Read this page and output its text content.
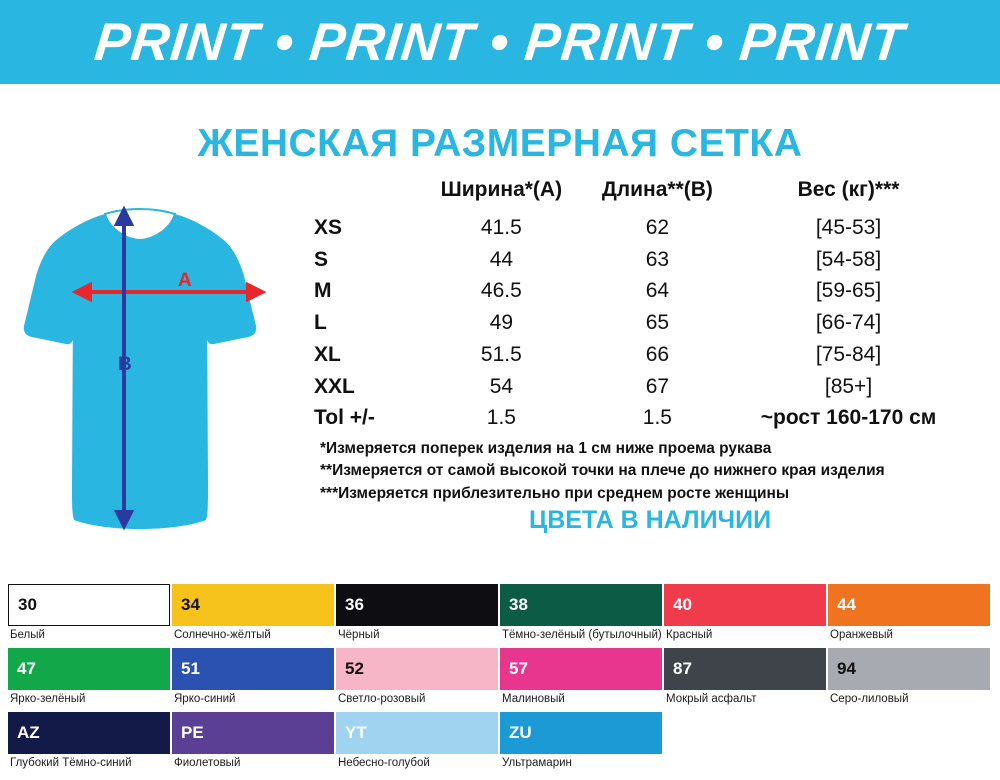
PRINT • PRINT • PRINT • PRINT
ЖЕНСКАЯ РАЗМЕРНАЯ СЕТКА
A
B
	Ширина*(A)	Длина**(B)	Вес (кг)***
XS	41.5	62	[45-53]
S	44	63	[54-58]
M	46.5	64	[59-65]
L	49	65	[66-74]
XL	51.5	66	[75-84]
XXL	54	67	[85+]
Tol +/-	1.5	1.5	~рост 160-170 см
*Измеряется поперек изделия на 1 см ниже проема рукава
**Измеряется от самой высокой точки на плече до нижнего края изделия
***Измеряется приблезительно при среднем росте женщины
ЦВЕТА В НАЛИЧИИ
30
Белый
34
Солнечно-жёлтый
36
Чёрный
38
Тёмно-зелёный (бутылочный)
40
Красный
44
Оранжевый
47
Ярко-зелёный
51
Ярко-синий
52
Светло-розовый
57
Малиновый
87
Мокрый асфальт
94
Серо-лиловый
AZ
Глубокий Тёмно-синий
PE
Фиолетовый
YT
Небесно-голубой
ZU
Ультрамарин
